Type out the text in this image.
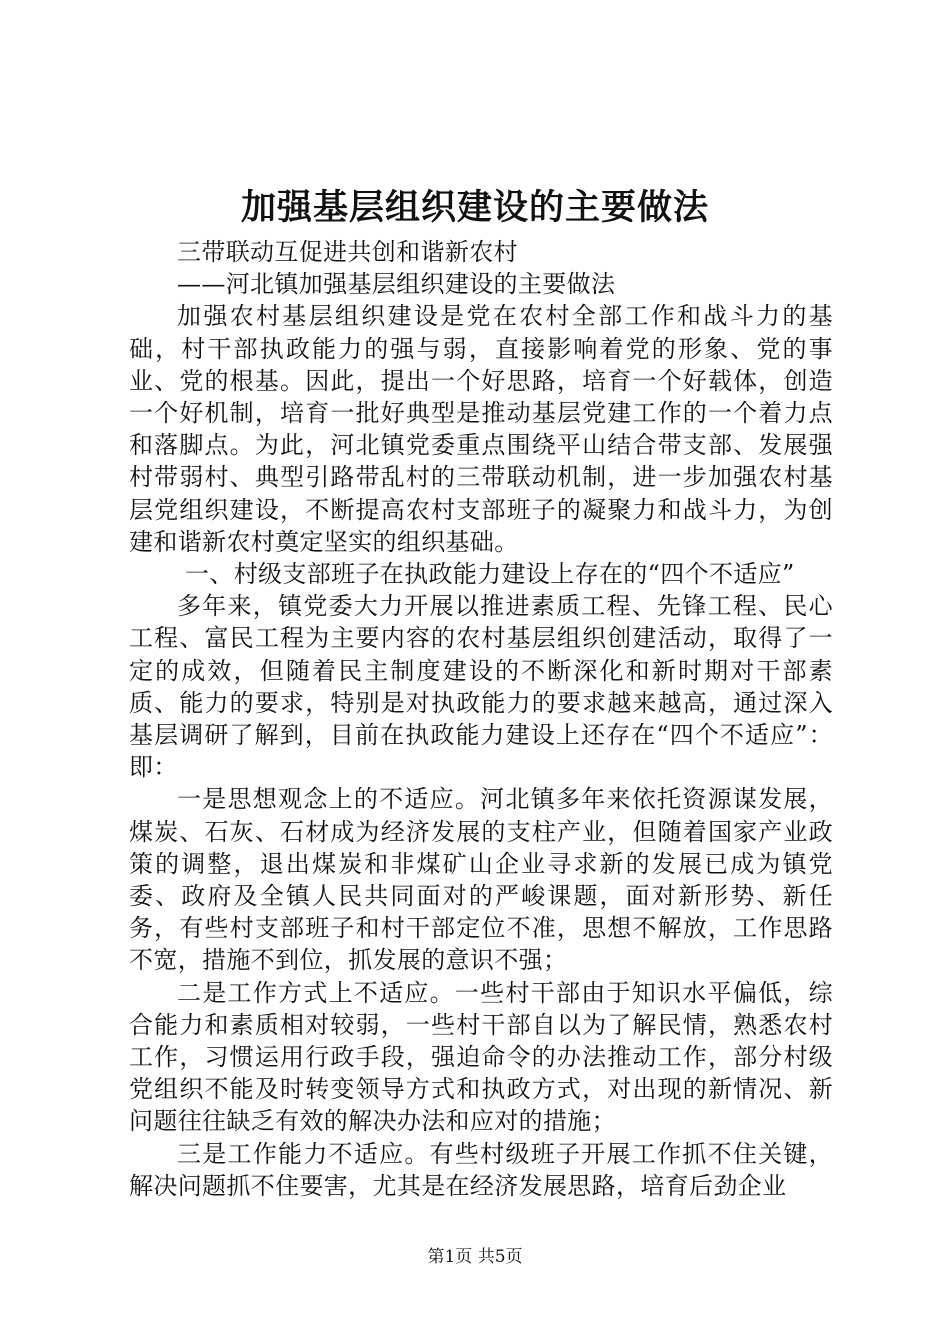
加强基层组织建设的主要做法

三带联动互促进共创和谐新农村

——河北镇加强基层组织建设的主要做法

加强农村基层组织建设是党在农村全部工作和战斗力的基础，村干部执政能力的强与弱，直接影响着党的形象、党的事业、党的根基。因此，提出一个好思路，培育一个好载体，创造一个好机制，培育一批好典型是推动基层党建工作的一个着力点和落脚点。为此，河北镇党委重点围绕平山结合带支部、发展强村带弱村、典型引路带乱村的三带联动机制，进一步加强农村基层党组织建设，不断提高农村支部班子的凝聚力和战斗力，为创建和谐新农村奠定坚实的组织基础。

一、村级支部班子在执政能力建设上存在的“四个不适应”

多年来，镇党委大力开展以推进素质工程、先锋工程、民心工程、富民工程为主要内容的农村基层组织创建活动，取得了一定的成效，但随着民主制度建设的不断深化和新时期对干部素质、能力的要求，特别是对执政能力的要求越来越高，通过深入基层调研了解到，目前在执政能力建设上还存在“四个不适应”：即：

一是思想观念上的不适应。河北镇多年来依托资源谋发展，煤炭、石灰、石材成为经济发展的支柱产业，但随着国家产业政策的调整，退出煤炭和非煤矿山企业寻求新的发展已成为镇党委、政府及全镇人民共同面对的严峻课题，面对新形势、新任务，有些村支部班子和村干部定位不准，思想不解放，工作思路不宽，措施不到位，抓发展的意识不强；

二是工作方式上不适应。一些村干部由于知识水平偏低，综合能力和素质相对较弱，一些村干部自以为了解民情，熟悉农村工作，习惯运用行政手段，强迫命令的办法推动工作，部分村级党组织不能及时转变领导方式和执政方式，对出现的新情况、新问题往往缺乏有效的解决办法和应对的措施；

三是工作能力不适应。有些村级班子开展工作抓不住关键，解决问题抓不住要害，尤其是在经济发展思路，培育后劲企业

第1页 共5页
